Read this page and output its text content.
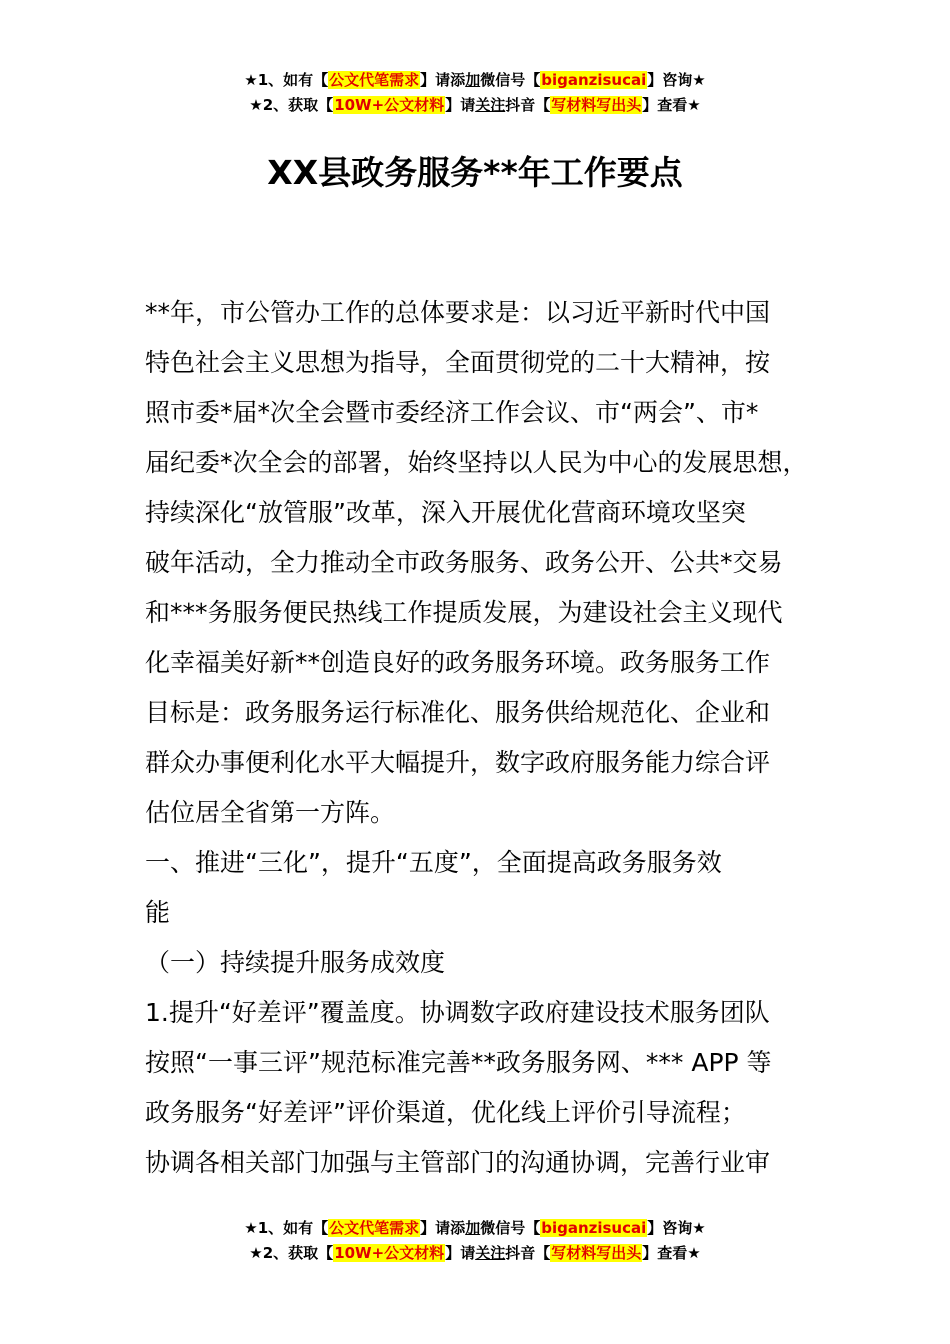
★1、如有【公文代笔需求】请添加微信号【biganzisucai】咨询★
★2、获取【10W+公文材料】请关注抖音【写材料写出头】查看★
XX县政务服务**年工作要点
**年，市公管办工作的总体要求是：以习近平新时代中国
特色社会主义思想为指导，全面贯彻党的二十大精神，按
照市委*届*次全会暨市委经济工作会议、市“两会”、市*
届纪委*次全会的部署，始终坚持以人民为中心的发展思想，
持续深化“放管服”改革，深入开展优化营商环境攻坚突
破年活动，全力推动全市政务服务、政务公开、公共*交易
和***务服务便民热线工作提质发展，为建设社会主义现代
化幸福美好新**创造良好的政务服务环境。政务服务工作
目标是：政务服务运行标准化、服务供给规范化、企业和
群众办事便利化水平大幅提升，数字政府服务能力综合评
估位居全省第一方阵。
一、推进“三化”，提升“五度”，全面提高政务服务效
能
（一）持续提升服务成效度
1.提升“好差评”覆盖度。协调数字政府建设技术服务团队
按照“一事三评”规范标准完善**政务服务网、*** APP 等
政务服务“好差评”评价渠道，优化线上评价引导流程；
协调各相关部门加强与主管部门的沟通协调，完善行业审
★1、如有【公文代笔需求】请添加微信号【biganzisucai】咨询★
★2、获取【10W+公文材料】请关注抖音【写材料写出头】查看★
